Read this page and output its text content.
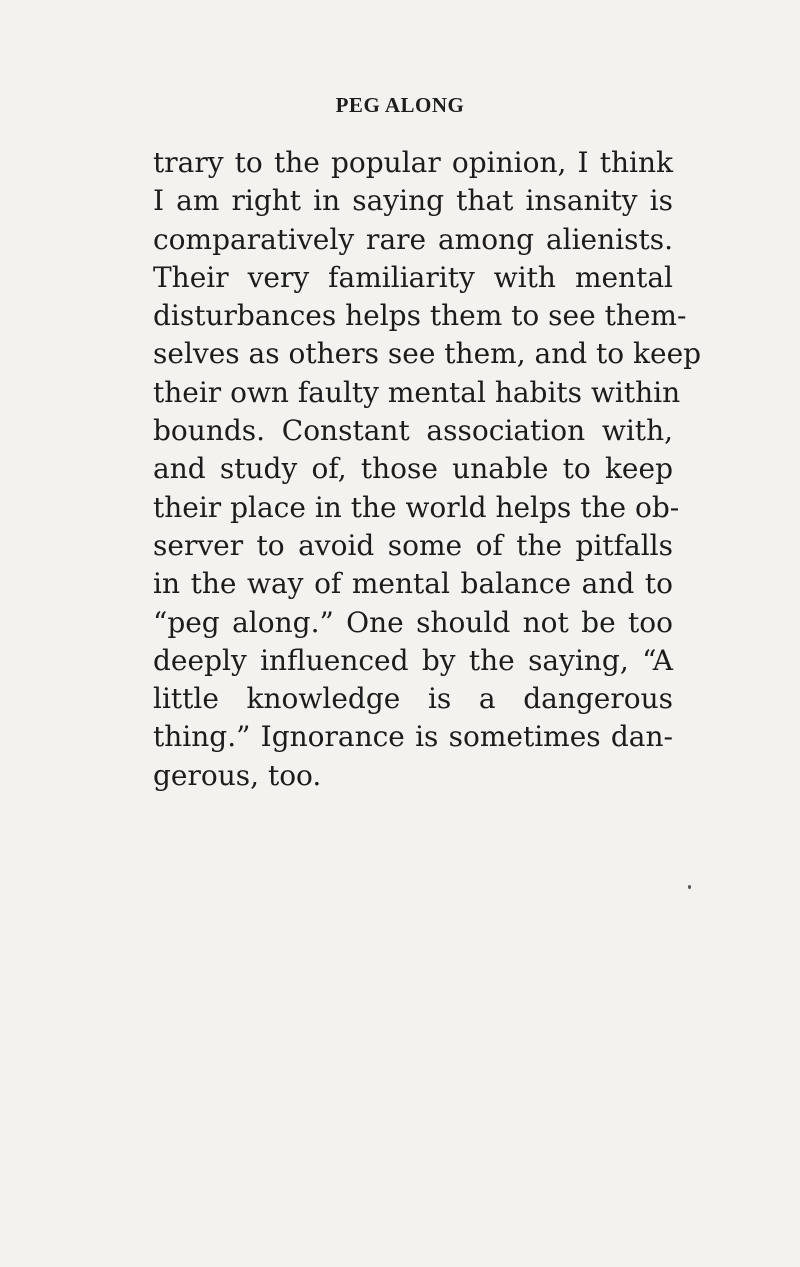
PEG ALONG
trary to the popular opinion, I think
I am right in saying that insanity is
comparatively rare among alienists.
Their very familiarity with mental
disturbances helps them to see them-
selves as others see them, and to keep
their own faulty mental habits within
bounds. Constant association with,
and study of, those unable to keep
their place in the world helps the ob-
server to avoid some of the pitfalls
in the way of mental balance and to
“peg along.” One should not be too
deeply influenced by the saying, “A
little knowledge is a dangerous
thing.” Ignorance is sometimes dan-
gerous, too.
